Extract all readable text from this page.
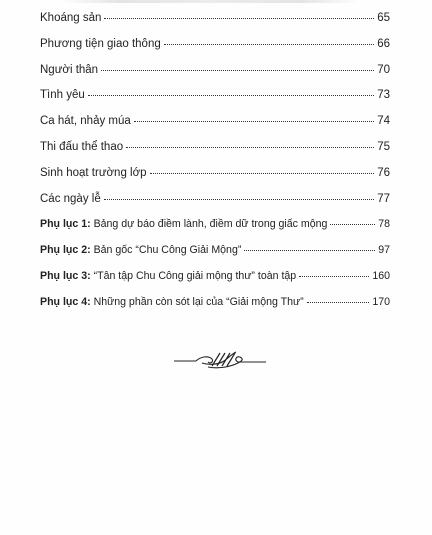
Khoáng sản	65
Phương tiện giao thông	66
Người thân	70
Tình yêu	73
Ca hát, nhảy múa	74
Thi đấu thể thao	75
Sinh hoạt trường lớp	76
Các ngày lễ	77
Phụ lục 1: Bảng dự báo điềm lành, điềm dữ trong giấc mộng	78
Phụ lục 2: Bản gốc “Chu Công Giải Mộng”	97
Phụ lục 3: “Tân tập Chu Công giải mộng thư” toàn tập	160
Phụ lục 4: Những phần còn sót lại của “Giải mộng Thư”	170
